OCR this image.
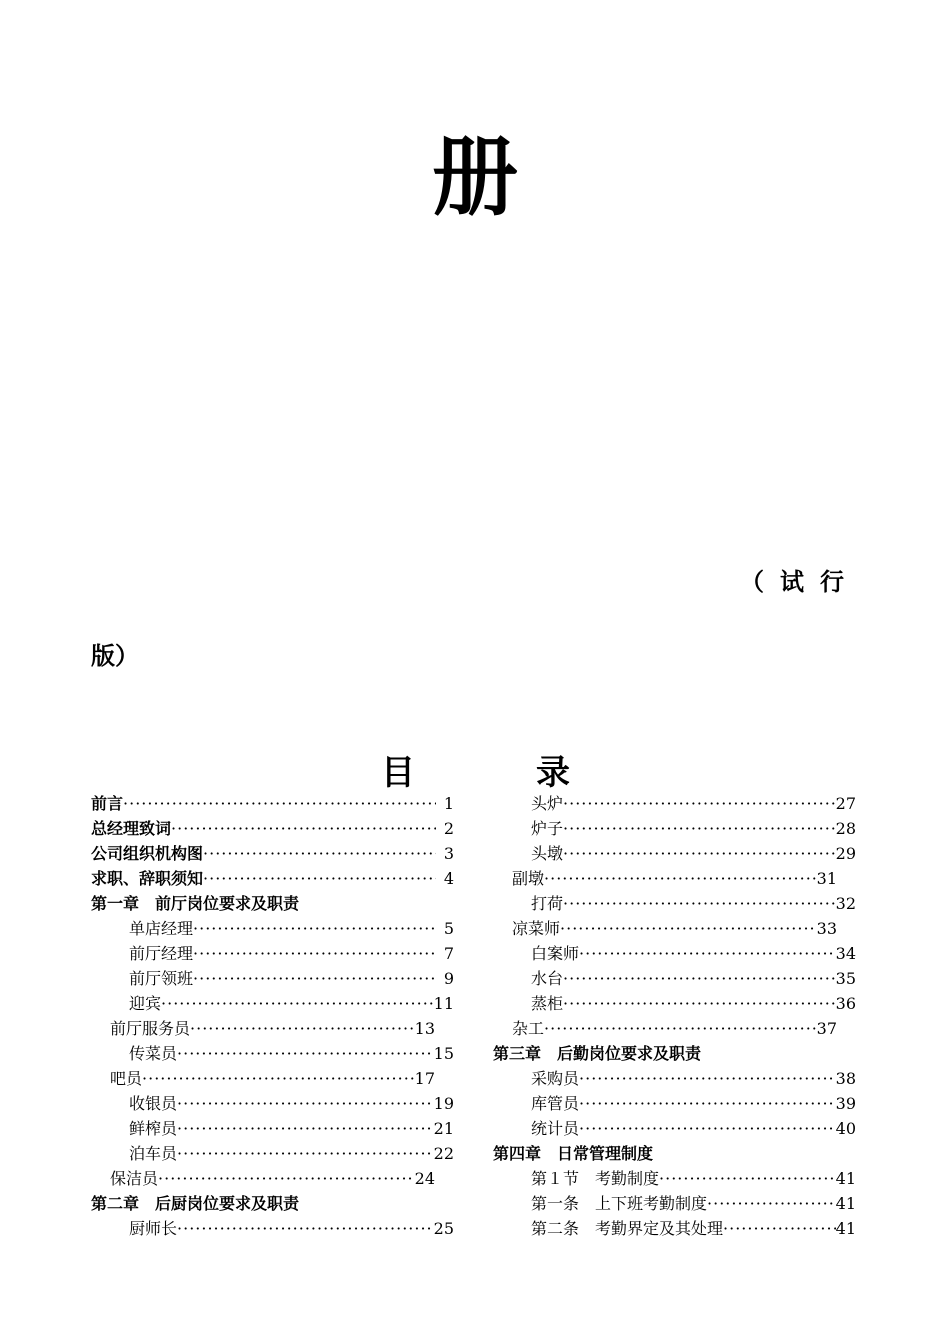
册
（试行
版）
目	录
前言 ·····	1
总经理致词 ·····	2
公司组织机构图 ·····	3
求职、辞职须知 ·····	4
第一章　前厅岗位要求及职责
单店经理 ·····	5
前厅经理 ·····	7
前厅领班 ·····	9
迎宾 ·····	11
前厅服务员 ·····	13
传菜员 ·····	15
吧员 ·····	17
收银员 ·····	19
鲜榨员 ·····	21
泊车员 ·····	22
保洁员 ·····	24
第二章　后厨岗位要求及职责
厨师长 ·····	25
头炉 ·····	27
炉子 ·····	28
头墩 ·····	29
副墩 ·····	31
打荷 ·····	32
凉菜师 ·····	33
白案师 ·····	34
水台 ·····	35
蒸柜 ·····	36
杂工 ·····	37
第三章　后勤岗位要求及职责
采购员 ·····	38
库管员 ·····	39
统计员 ·····	40
第四章　日常管理制度
第１节　考勤制度 ·····	41
第一条　上下班考勤制度 ·····	41
第二条　考勤界定及其处理 ·····	41
